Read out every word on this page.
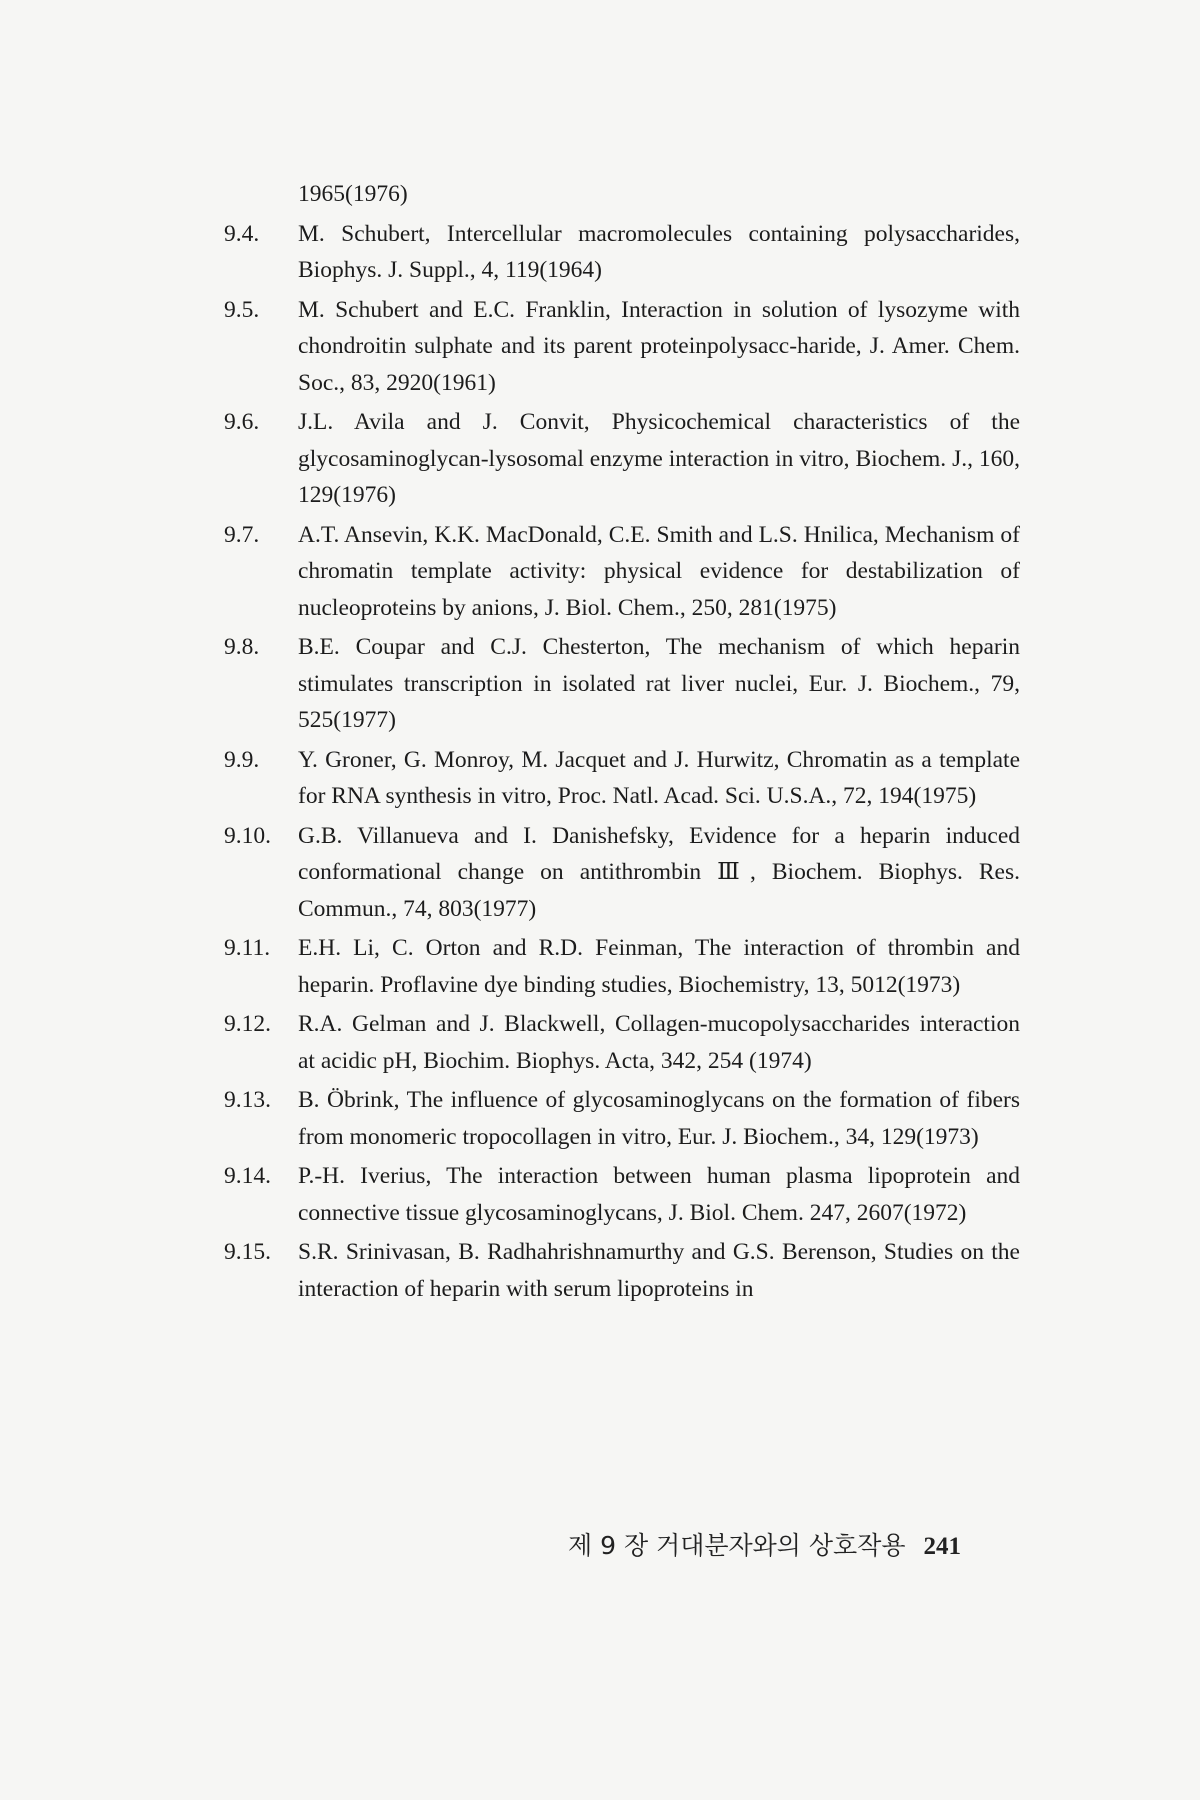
1965(1976)
9.4.	M. Schubert, Intercellular macromolecules containing polysaccharides, Biophys. J. Suppl., 4, 119(1964)
9.5.	M. Schubert and E.C. Franklin, Interaction in solution of lysozyme with chondroitin sulphate and its parent proteinpolysacc-haride, J. Amer. Chem. Soc., 83, 2920(1961)
9.6.	J.L. Avila and J. Convit, Physicochemical characteristics of the glycosaminoglycan-lysosomal enzyme interaction in vitro, Biochem. J., 160, 129(1976)
9.7.	A.T. Ansevin, K.K. MacDonald, C.E. Smith and L.S. Hnilica, Mechanism of chromatin template activity: physical evidence for destabilization of nucleoproteins by anions, J. Biol. Chem., 250, 281(1975)
9.8.	B.E. Coupar and C.J. Chesterton, The mechanism of which heparin stimulates transcription in isolated rat liver nuclei, Eur. J. Biochem., 79, 525(1977)
9.9.	Y. Groner, G. Monroy, M. Jacquet and J. Hurwitz, Chromatin as a template for RNA synthesis in vitro, Proc. Natl. Acad. Sci. U.S.A., 72, 194(1975)
9.10.	G.B. Villanueva and I. Danishefsky, Evidence for a heparin induced conformational change on antithrombin Ⅲ, Biochem. Biophys. Res. Commun., 74, 803(1977)
9.11.	E.H. Li, C. Orton and R.D. Feinman, The interaction of thrombin and heparin. Proflavine dye binding studies, Biochemistry, 13, 5012(1973)
9.12.	R.A. Gelman and J. Blackwell, Collagen-mucopolysaccharides interaction at acidic pH, Biochim. Biophys. Acta, 342, 254 (1974)
9.13.	B. Öbrink, The influence of glycosaminoglycans on the formation of fibers from monomeric tropocollagen in vitro, Eur. J. Biochem., 34, 129(1973)
9.14.	P.-H. Iverius, The interaction between human plasma lipoprotein and connective tissue glycosaminoglycans, J. Biol. Chem. 247, 2607(1972)
9.15.	S.R. Srinivasan, B. Radhahrishnamurthy and G.S. Berenson, Studies on the interaction of heparin with serum lipoproteins in
제 9 장 거대분자와의 상호작용 241
